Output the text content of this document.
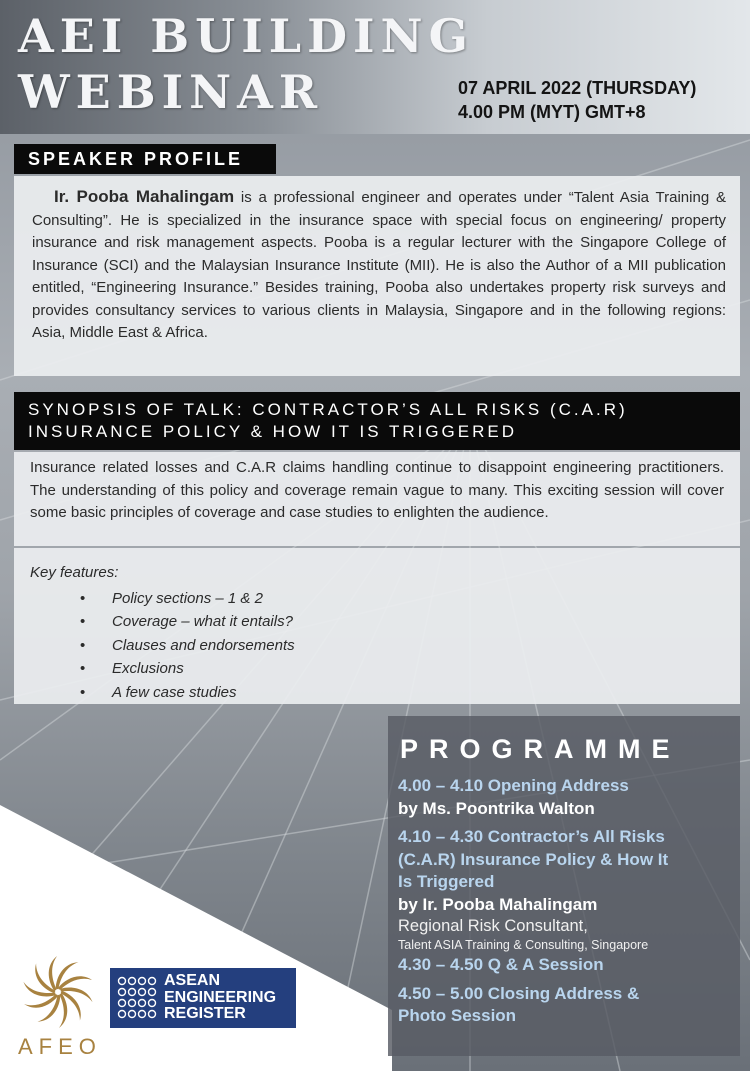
AEI BUILDING
WEBINAR	07 APRIL 2022 (THURSDAY)
4.00 PM (MYT) GMT+8
SPEAKER PROFILE
Ir. Pooba Mahalingam is a professional engineer and operates under “Talent Asia Training & Consulting”. He is specialized in the insurance space with special focus on engineering/ property insurance and risk management aspects. Pooba is a regular lecturer with the Singapore College of Insurance (SCI) and the Malaysian Insurance Institute (MII). He is also the Author of a MII publication entitled, “Engineering Insurance.” Besides training, Pooba also undertakes property risk surveys and provides consultancy services to various clients in Malaysia, Singapore and in the following regions: Asia, Middle East & Africa.
SYNOPSIS OF TALK: CONTRACTOR’S ALL RISKS (C.A.R)
INSURANCE POLICY & HOW IT IS TRIGGERED
Insurance related losses and C.A.R claims handling continue to disappoint engineering practitioners. The understanding of this policy and coverage remain vague to many. This exciting session will cover some basic principles of coverage and case studies to enlighten the audience.
Key features:
• Policy sections – 1 & 2
• Coverage – what it entails?
• Clauses and endorsements
• Exclusions
• A few case studies
PROGRAMME
4.00 – 4.10 Opening Address
by Ms. Poontrika Walton
4.10 – 4.30 Contractor’s All Risks
(C.A.R) Insurance Policy & How It
Is Triggered
by Ir. Pooba Mahalingam
Regional Risk Consultant,
Talent ASIA Training & Consulting, Singapore
4.30 – 4.50 Q & A Session
4.50 – 5.00 Closing Address &
Photo Session
AFEO
ASEAN
ENGINEERING
REGISTER
